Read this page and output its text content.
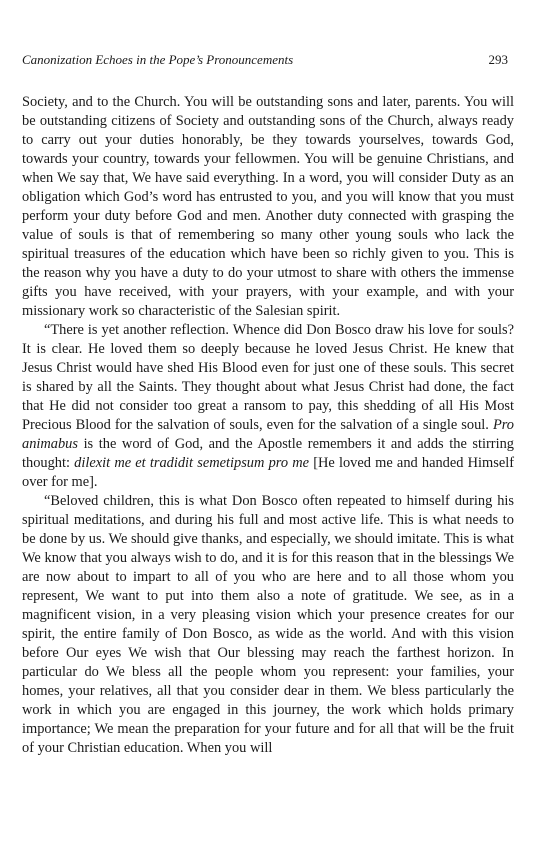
Canonization Echoes in the Pope’s Pronouncements	293

Society, and to the Church. You will be outstanding sons and later, parents. You will be outstanding citizens of Society and outstanding sons of the Church, always ready to carry out your duties honorably, be they towards yourselves, towards God, towards your country, towards your fellowmen. You will be genuine Christians, and when We say that, We have said everything. In a word, you will consider Duty as an obligation which God’s word has entrusted to you, and you will know that you must perform your duty before God and men. Another duty connected with grasping the value of souls is that of remembering so many other young souls who lack the spiritual treasures of the education which have been so richly given to you. This is the reason why you have a duty to do your utmost to share with others the immense gifts you have received, with your prayers, with your example, and with your missionary work so characteristic of the Salesian spirit.

“There is yet another reflection. Whence did Don Bosco draw his love for souls? It is clear. He loved them so deeply because he loved Jesus Christ. He knew that Jesus Christ would have shed His Blood even for just one of these souls. This secret is shared by all the Saints. They thought about what Jesus Christ had done, the fact that He did not consider too great a ransom to pay, this shedding of all His Most Precious Blood for the salvation of souls, even for the salvation of a single soul. Pro animabus is the word of God, and the Apostle remembers it and adds the stirring thought: dilexit me et tradidit semetipsum pro me [He loved me and handed Himself over for me].

“Beloved children, this is what Don Bosco often repeated to himself during his spiritual meditations, and during his full and most active life. This is what needs to be done by us. We should give thanks, and especially, we should imitate. This is what We know that you always wish to do, and it is for this reason that in the blessings We are now about to impart to all of you who are here and to all those whom you represent, We want to put into them also a note of gratitude. We see, as in a magnificent vision, in a very pleasing vision which your presence creates for our spirit, the entire family of Don Bosco, as wide as the world. And with this vision before Our eyes We wish that Our blessing may reach the farthest horizon. In particular do We bless all the people whom you represent: your families, your homes, your relatives, all that you consider dear in them. We bless particularly the work in which you are engaged in this journey, the work which holds primary importance; We mean the preparation for your future and for all that will be the fruit of your Christian education. When you will
